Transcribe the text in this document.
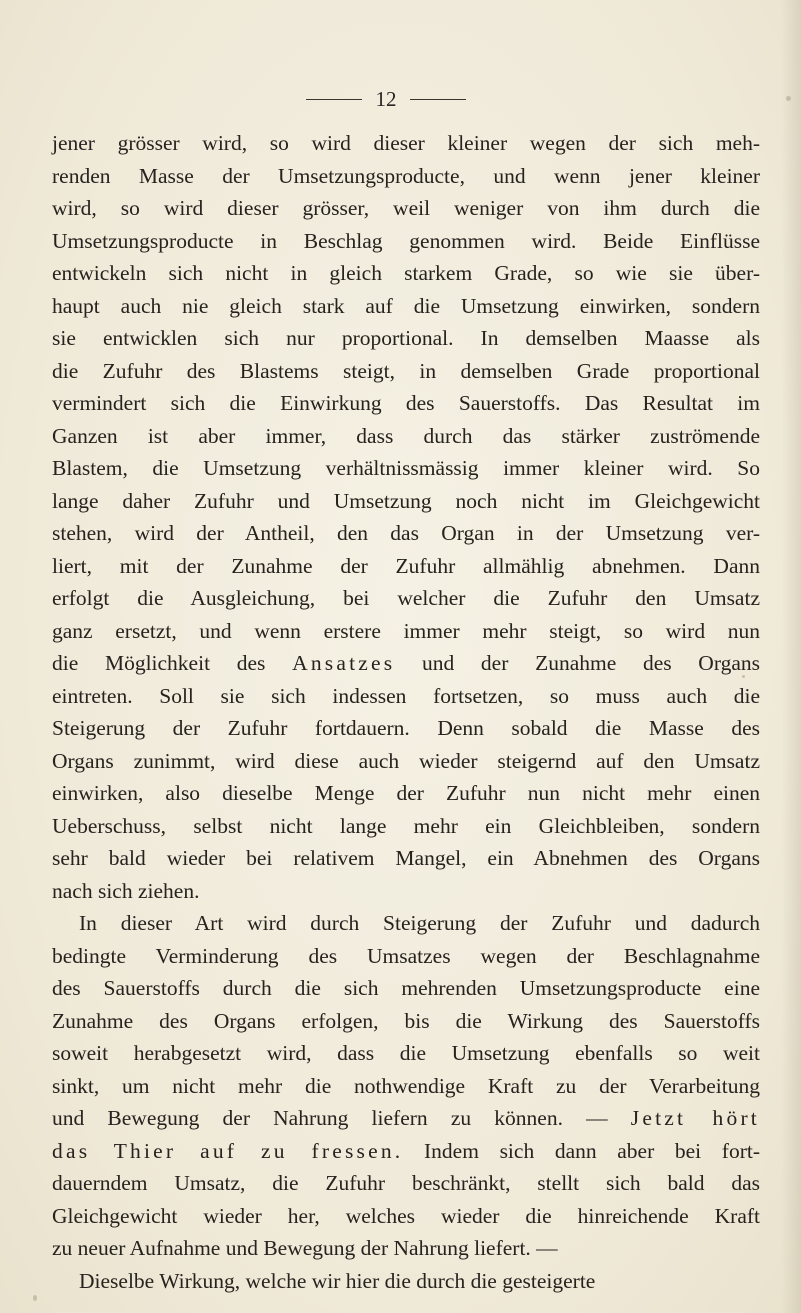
12
jener grösser wird, so wird dieser kleiner wegen der sich meh-
renden Masse der Umsetzungsproducte, und wenn jener kleiner
wird, so wird dieser grösser, weil weniger von ihm durch die
Umsetzungsproducte in Beschlag genommen wird. Beide Einflüsse
entwickeln sich nicht in gleich starkem Grade, so wie sie über-
haupt auch nie gleich stark auf die Umsetzung einwirken, sondern
sie entwicklen sich nur proportional. In demselben Maasse als
die Zufuhr des Blastems steigt, in demselben Grade proportional
vermindert sich die Einwirkung des Sauerstoffs. Das Resultat im
Ganzen ist aber immer, dass durch das stärker zuströmende
Blastem, die Umsetzung verhältnissmässig immer kleiner wird. So
lange daher Zufuhr und Umsetzung noch nicht im Gleichgewicht
stehen, wird der Antheil, den das Organ in der Umsetzung ver-
liert, mit der Zunahme der Zufuhr allmählig abnehmen. Dann
erfolgt die Ausgleichung, bei welcher die Zufuhr den Umsatz
ganz ersetzt, und wenn erstere immer mehr steigt, so wird nun
die Möglichkeit des Ansatzes und der Zunahme des Organs
eintreten. Soll sie sich indessen fortsetzen, so muss auch die
Steigerung der Zufuhr fortdauern. Denn sobald die Masse des
Organs zunimmt, wird diese auch wieder steigernd auf den Umsatz
einwirken, also dieselbe Menge der Zufuhr nun nicht mehr einen
Ueberschuss, selbst nicht lange mehr ein Gleichbleiben, sondern
sehr bald wieder bei relativem Mangel, ein Abnehmen des Organs
nach sich ziehen.
In dieser Art wird durch Steigerung der Zufuhr und dadurch
bedingte Verminderung des Umsatzes wegen der Beschlagnahme
des Sauerstoffs durch die sich mehrenden Umsetzungsproducte eine
Zunahme des Organs erfolgen, bis die Wirkung des Sauerstoffs
soweit herabgesetzt wird, dass die Umsetzung ebenfalls so weit
sinkt, um nicht mehr die nothwendige Kraft zu der Verarbeitung
und Bewegung der Nahrung liefern zu können. — Jetzt hört
das Thier auf zu fressen. Indem sich dann aber bei fort-
dauerndem Umsatz, die Zufuhr beschränkt, stellt sich bald das
Gleichgewicht wieder her, welches wieder die hinreichende Kraft
zu neuer Aufnahme und Bewegung der Nahrung liefert. —
Dieselbe Wirkung, welche wir hier die durch die gesteigerte
